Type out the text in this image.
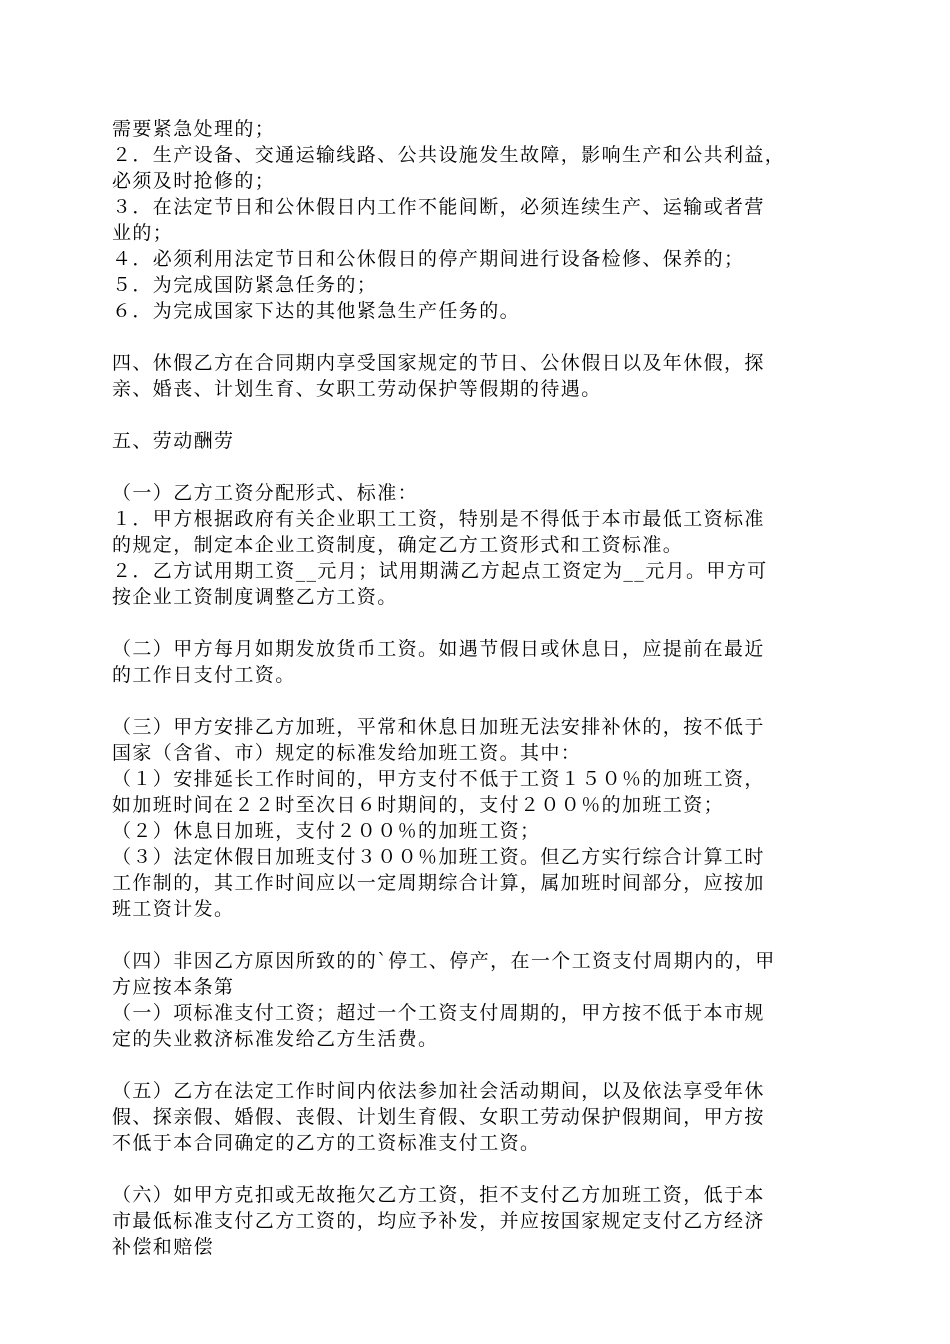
需要紧急处理的；
２．生产设备、交通运输线路、公共设施发生故障，影响生产和公共利益，
必须及时抢修的；
３．在法定节日和公休假日内工作不能间断，必须连续生产、运输或者营
业的；
４．必须利用法定节日和公休假日的停产期间进行设备检修、保养的；
５．为完成国防紧急任务的；
６．为完成国家下达的其他紧急生产任务的。
四、休假乙方在合同期内享受国家规定的节日、公休假日以及年休假，探
亲、婚丧、计划生育、女职工劳动保护等假期的待遇。
五、劳动酬劳
（一）乙方工资分配形式、标准：
１．甲方根据政府有关企业职工工资，特别是不得低于本市最低工资标准
的规定，制定本企业工资制度，确定乙方工资形式和工资标准。
２．乙方试用期工资__元月；试用期满乙方起点工资定为__元月。甲方可
按企业工资制度调整乙方工资。
（二）甲方每月如期发放货币工资。如遇节假日或休息日，应提前在最近
的工作日支付工资。
（三）甲方安排乙方加班，平常和休息日加班无法安排补休的，按不低于
国家（含省、市）规定的标准发给加班工资。其中：
（１）安排延长工作时间的，甲方支付不低于工资１５０％的加班工资，
如加班时间在２２时至次日６时期间的，支付２００％的加班工资；
（２）休息日加班，支付２００％的加班工资；
（３）法定休假日加班支付３００％加班工资。但乙方实行综合计算工时
工作制的，其工作时间应以一定周期综合计算，属加班时间部分，应按加
班工资计发。
（四）非因乙方原因所致的的`停工、停产，在一个工资支付周期内的，甲
方应按本条第
（一）项标准支付工资；超过一个工资支付周期的，甲方按不低于本市规
定的失业救济标准发给乙方生活费。
（五）乙方在法定工作时间内依法参加社会活动期间，以及依法享受年休
假、探亲假、婚假、丧假、计划生育假、女职工劳动保护假期间，甲方按
不低于本合同确定的乙方的工资标准支付工资。
（六）如甲方克扣或无故拖欠乙方工资，拒不支付乙方加班工资，低于本
市最低标准支付乙方工资的，均应予补发，并应按国家规定支付乙方经济
补偿和赔偿
